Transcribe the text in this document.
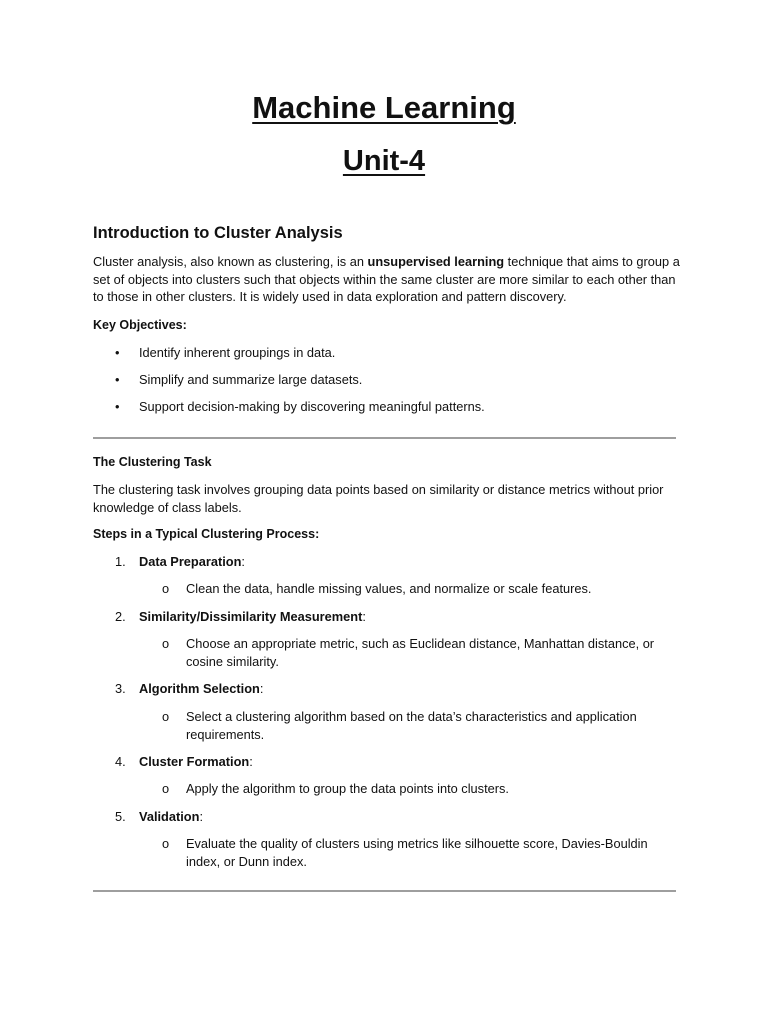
Machine Learning
Unit-4
Introduction to Cluster Analysis

Cluster analysis, also known as clustering, is an unsupervised learning technique that aims to group a set of objects into clusters such that objects within the same cluster are more similar to each other than to those in other clusters. It is widely used in data exploration and pattern discovery.

Key Objectives:
•	Identify inherent groupings in data.
•	Simplify and summarize large datasets.
•	Support decision-making by discovering meaningful patterns.
The Clustering Task

The clustering task involves grouping data points based on similarity or distance metrics without prior knowledge of class labels.

Steps in a Typical Clustering Process:
1.	Data Preparation:
o Clean the data, handle missing values, and normalize or scale features.
2.	Similarity/Dissimilarity Measurement:
o Choose an appropriate metric, such as Euclidean distance, Manhattan distance, or cosine similarity.
3.	Algorithm Selection:
o Select a clustering algorithm based on the data’s characteristics and application requirements.
4.	Cluster Formation:
o Apply the algorithm to group the data points into clusters.
5.	Validation:
o Evaluate the quality of clusters using metrics like silhouette score, Davies-Bouldin index, or Dunn index.
